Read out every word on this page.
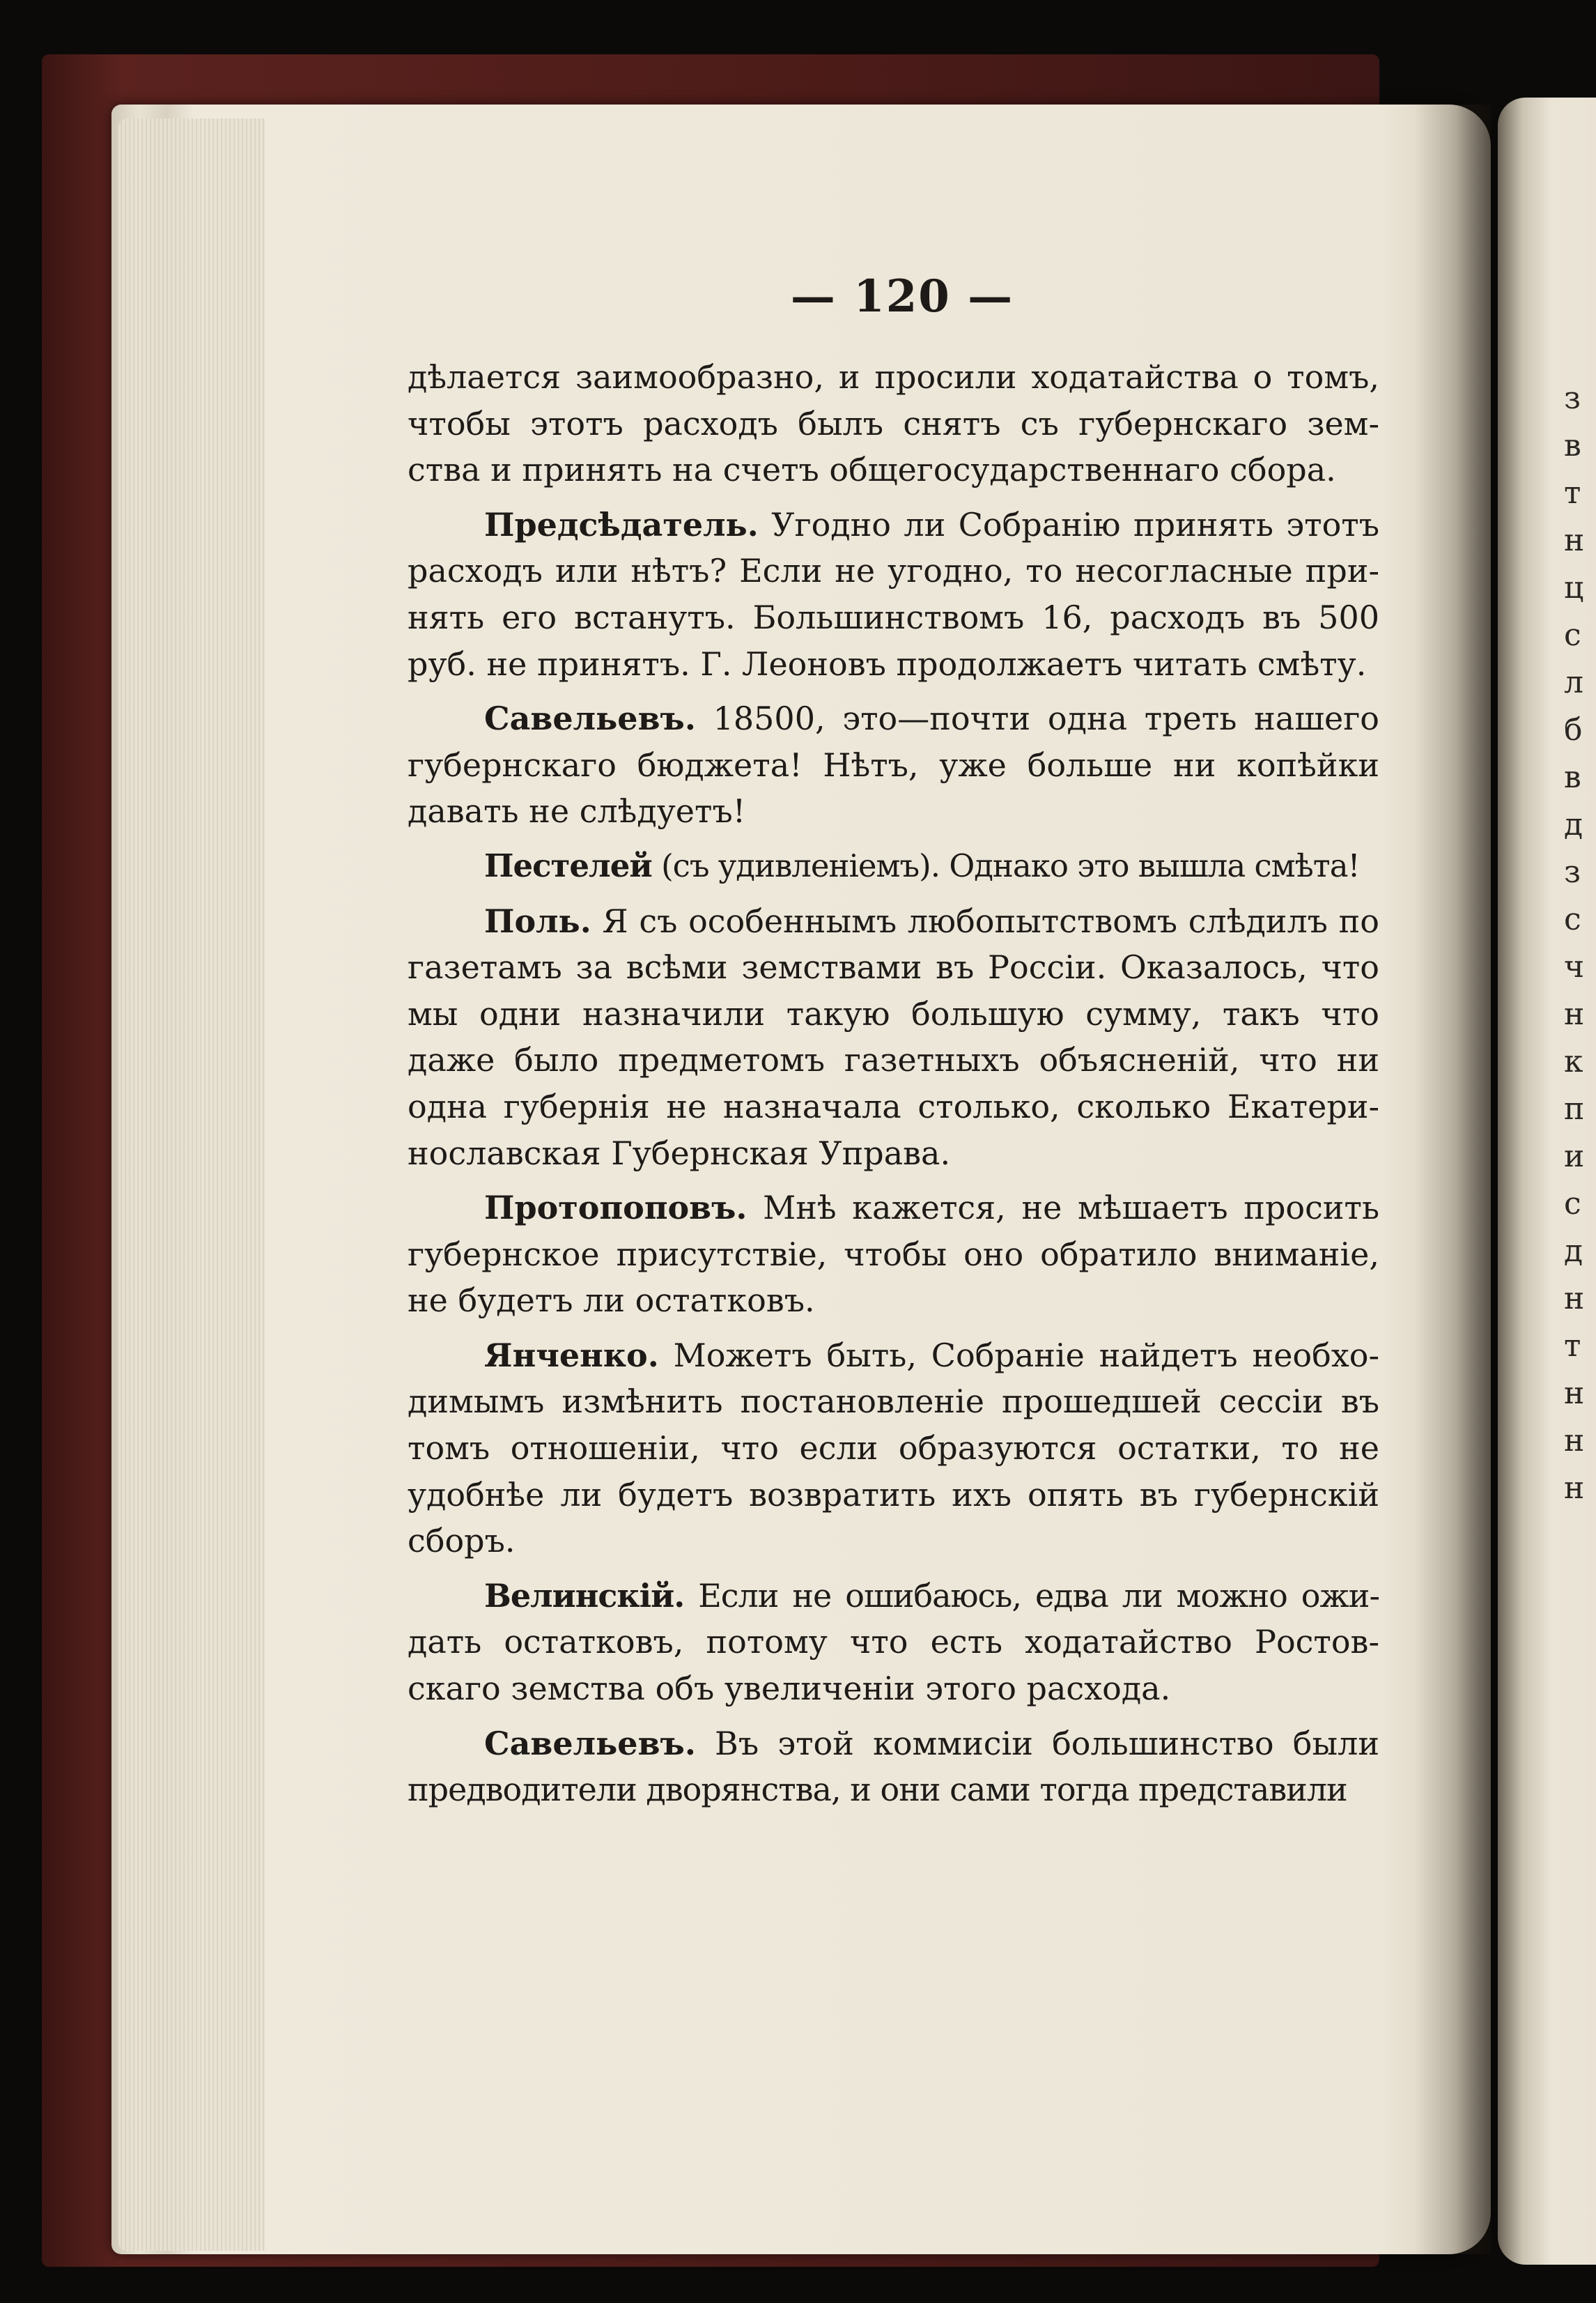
з
в
т
н
ц
с
л
б
в
д
з
с
ч
н
к
п
и
с
д
н
т
н
н
н
— 120 —
дѣлается заимообразно, и просили ходатайства о томъ,
чтобы этотъ расходъ былъ снятъ съ губернскаго зем-
ства и принять на счетъ общегосударственнаго сбора.
Предсѣдатель. Угодно ли Собранію принять этотъ
расходъ или нѣтъ? Если не угодно, то несогласные при-
нять его встанутъ. Большинствомъ 16, расходъ въ 500
руб. не принятъ. Г. Леоновъ продолжаетъ читать смѣту.
Савельевъ. 18500, это—почти одна треть нашего
губернскаго бюджета! Нѣтъ, уже больше ни копѣйки
давать не слѣдуетъ!
Пестелей (съ удивленіемъ). Однако это вышла смѣта!
Поль. Я съ особеннымъ любопытствомъ слѣдилъ по
газетамъ за всѣми земствами въ Россіи. Оказалось, что
мы одни назначили такую большую сумму, такъ что
даже было предметомъ газетныхъ объясненій, что ни
одна губернія не назначала столько, сколько Екатери-
нославская Губернская Управа.
Протопоповъ. Мнѣ кажется, не мѣшаетъ просить
губернское присутствіе, чтобы оно обратило вниманіе,
не будетъ ли остатковъ.
Янченко. Можетъ быть, Собраніе найдетъ необхо-
димымъ измѣнить постановленіе прошедшей сессіи въ
томъ отношеніи, что если образуются остатки, то не
удобнѣе ли будетъ возвратить ихъ опять въ губернскій
сборъ.
Велинскій. Если не ошибаюсь, едва ли можно ожи-
дать остатковъ, потому что есть ходатайство Ростов-
скаго земства объ увеличеніи этого расхода.
Савельевъ. Въ этой коммисіи большинство были
предводители дворянства, и они сами тогда представили
